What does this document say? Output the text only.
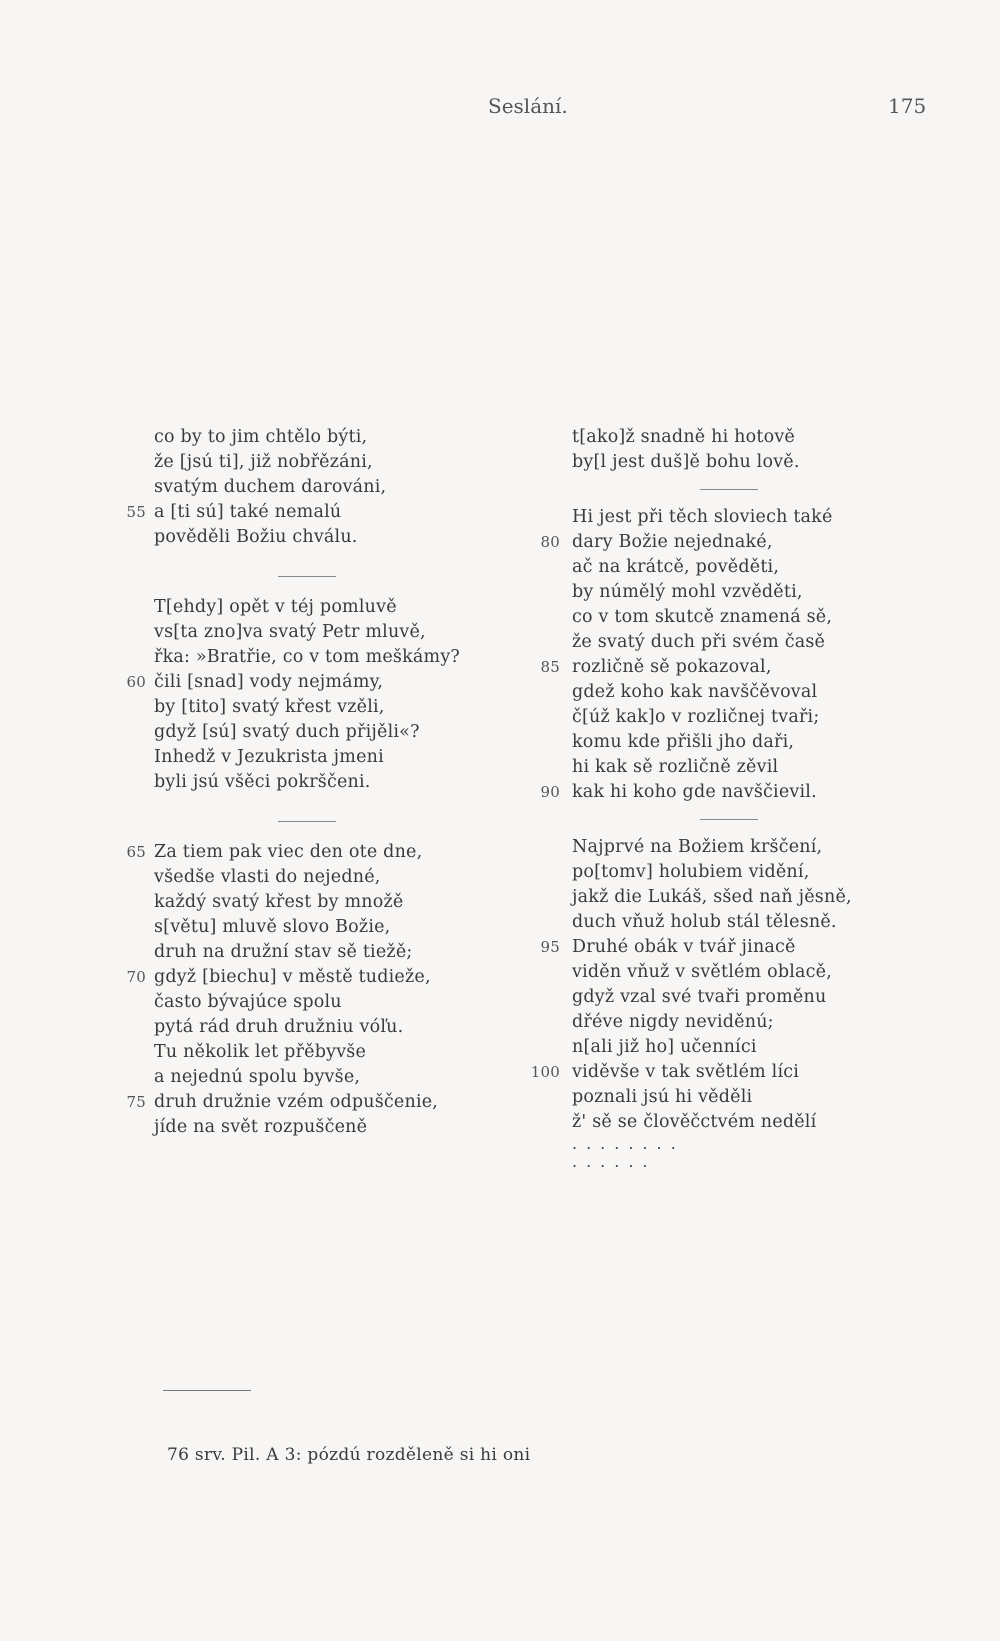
Seslání.	175
co by to jim chtělo býti,
že [jsú ti], již nobřězáni,
svatým duchem darováni,
55 a [ti sú] také nemalú
pověděli Božiu chválu.
T[ehdy] opět v téj pomluvě
vs[ta zno]va svatý Petr mluvě,
řka: »Bratřie, co v tom meškámy?
60 čili [snad] vody nejmámy,
by [tito] svatý křest vzěli,
gdyž [sú] svatý duch přijěli«?
Inhedž v Jezukrista jmeni
byli jsú všěci pokrščeni.
65 Za tiem pak viec den ote dne,
všedše vlasti do nejedné,
každý svatý křest by množě
s[větu] mluvě slovo Božie,
druh na družní stav sě tiežě;
70 gdyž [biechu] v městě tudieže,
často bývajúce spolu
pytá rád druh družniu vóľu.
Tu několik let přěbyvše
a nejednú spolu byvše,
75 druh družnie vzém odpuščenie,
jíde na svět rozpuščeně
t[ako]ž snadně hi hotově
by[l jest duš]ě bohu lově.
Hi jest při těch sloviech také
80 dary Božie nejednaké,
ač na krátcě, pověděti,
by númělý mohl vzvěděti,
co v tom skutcě znamená sě,
že svatý duch při svém časě
85 rozličně sě pokazoval,
gdež koho kak navščěvoval
č[úž kak]o v rozličnej tvaři;
komu kde přišli jho daři,
hi kak sě rozličně zěvil
90 kak hi koho gde navščievil.
Najprvé na Božiem krščení,
po[tomv] holubiem vidění,
jakž die Lukáš, sšed naň jěsně,
duch vňuž holub stál tělesně.
95 Druhé obák v tvář jinacě
viděn vňuž v světlém oblacě,
gdyž vzal své tvaři proměnu
dřéve nigdy neviděnú;
n[ali již ho] učenníci
100 viděvše v tak světlém líci
poznali jsú hi věděli
ž' sě se člověčctvém nedělí
........ ......
76 srv. Pil. A 3: pózdú rozděleně si hi oni
